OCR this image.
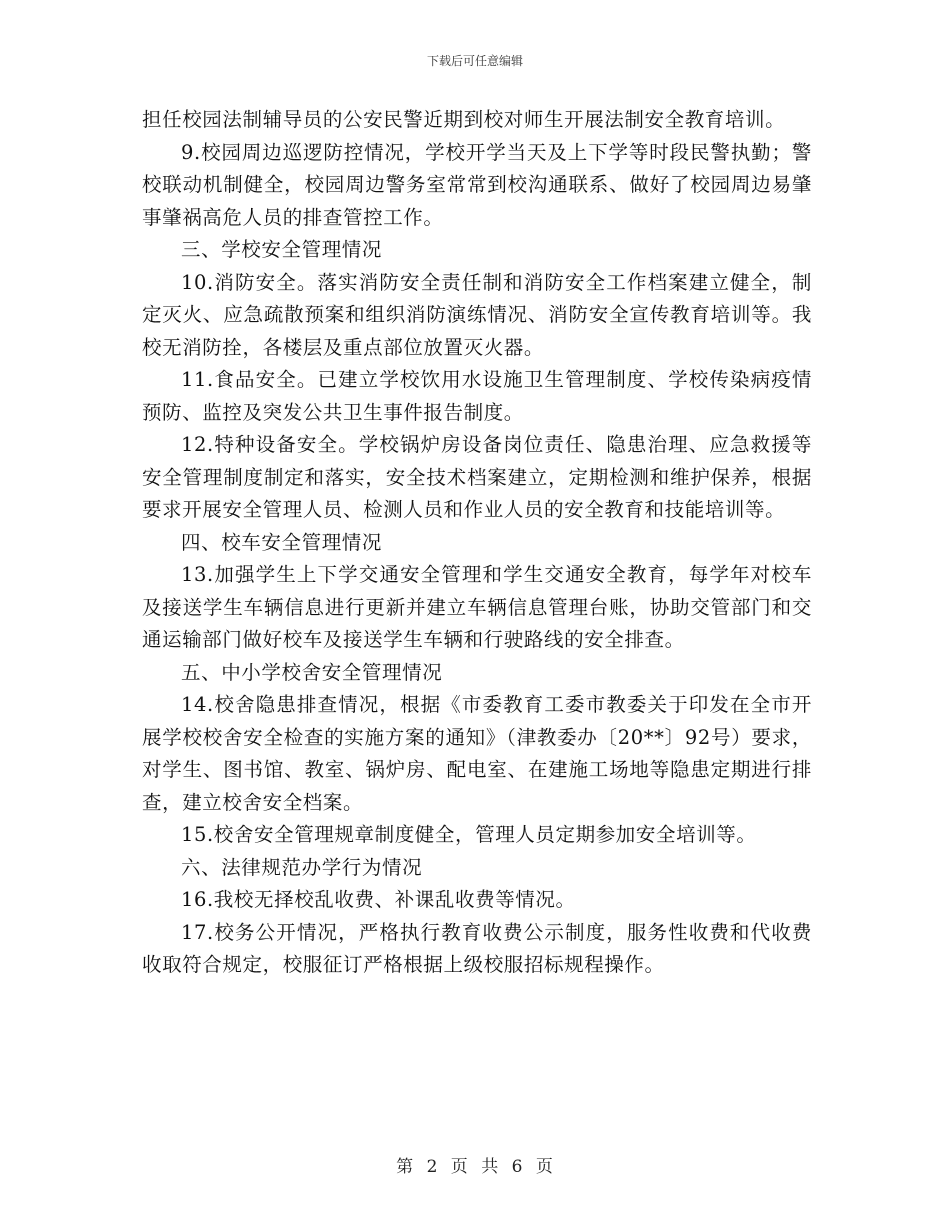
下载后可任意编辑

担任校园法制辅导员的公安民警近期到校对师生开展法制安全教育培训。

9.校园周边巡逻防控情况，学校开学当天及上下学等时段民警执勤；警校联动机制健全，校园周边警务室常常到校沟通联系、做好了校园周边易肇事肇祸高危人员的排查管控工作。

三、学校安全管理情况

10.消防安全。落实消防安全责任制和消防安全工作档案建立健全，制定灭火、应急疏散预案和组织消防演练情况、消防安全宣传教育培训等。我校无消防拴，各楼层及重点部位放置灭火器。

11.食品安全。已建立学校饮用水设施卫生管理制度、学校传染病疫情预防、监控及突发公共卫生事件报告制度。

12.特种设备安全。学校锅炉房设备岗位责任、隐患治理、应急救援等安全管理制度制定和落实，安全技术档案建立，定期检测和维护保养，根据要求开展安全管理人员、检测人员和作业人员的安全教育和技能培训等。

四、校车安全管理情况

13.加强学生上下学交通安全管理和学生交通安全教育，每学年对校车及接送学生车辆信息进行更新并建立车辆信息管理台账，协助交管部门和交通运输部门做好校车及接送学生车辆和行驶路线的安全排查。

五、中小学校舍安全管理情况

14.校舍隐患排查情况，根据《市委教育工委市教委关于印发在全市开展学校校舍安全检查的实施方案的通知》（津教委办〔20**〕92号）要求，对学生、图书馆、教室、锅炉房、配电室、在建施工场地等隐患定期进行排查，建立校舍安全档案。

15.校舍安全管理规章制度健全，管理人员定期参加安全培训等。

六、法律规范办学行为情况

16.我校无择校乱收费、补课乱收费等情况。

17.校务公开情况，严格执行教育收费公示制度，服务性收费和代收费收取符合规定，校服征订严格根据上级校服招标规程操作。

第 2 页 共 6 页
